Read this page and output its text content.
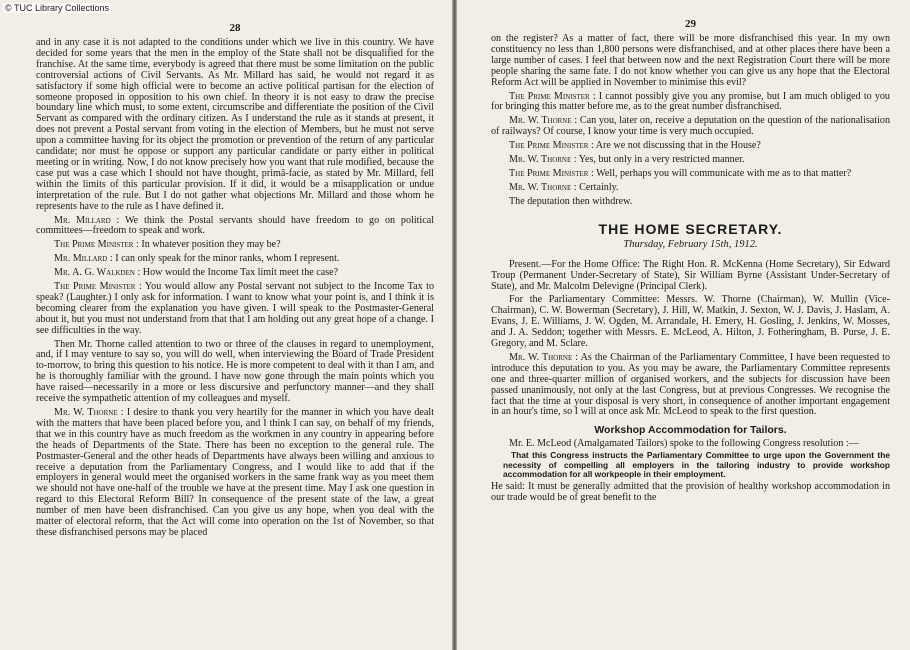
28

and in any case it is not adapted to the conditions under which we live in this country. We have decided for some years that the men in the employ of the State shall not be disqualified for the franchise. At the same time, everybody is agreed that there must be some limitation on the public controversial actions of Civil Servants. As Mr. Millard has said, he would not regard it as satisfactory if some high official were to become an active political partisan for the election of someone proposed in opposition to his own chief. In theory it is not easy to draw the precise boundary line which must, to some extent, circumscribe and differentiate the position of the Civil Servant as compared with the ordinary citizen. As I understand the rule as it stands at present, it does not prevent a Postal servant from voting in the election of Members, but he must not serve upon a committee having for its object the promotion or prevention of the return of any particular candidate; nor must he oppose or support any particular candidate or party either in political meeting or in writing. Now, I do not know precisely how you want that rule modified, because the case put was a case which I should not have thought, primâ-facie, as stated by Mr. Millard, fell within the limits of this particular provision. If it did, it would be a misapplication or undue interpretation of the rule. But I do not gather what objections Mr. Millard and those whom he represents have to the rule as I have defined it.

Mr. Millard : We think the Postal servants should have freedom to go on political committees—freedom to speak and work.

The Prime Minister : In whatever position they may be?

Mr. Millard : I can only speak for the minor ranks, whom I represent.

Mr. A. G. Walkden : How would the Income Tax limit meet the case?

The Prime Minister : You would allow any Postal servant not subject to the Income Tax to speak? (Laughter.) I only ask for information. I want to know what your point is, and I think it is becoming clearer from the explanation you have given. I will speak to the Postmaster-General about it, but you must not understand from that that I am holding out any great hope of a change. I see difficulties in the way.

Then Mr. Thorne called attention to two or three of the clauses in regard to unemployment, and, if I may venture to say so, you will do well, when interviewing the Board of Trade President to-morrow, to bring this question to his notice. He is more competent to deal with it than I am, and he is thoroughly familiar with the ground. I have now gone through the main points which you have raised—necessarily in a more or less discursive and perfunctory manner—and they shall receive the sympathetic attention of my colleagues and myself.

Mr. W. Thorne : I desire to thank you very heartily for the manner in which you have dealt with the matters that have been placed before you, and I think I can say, on behalf of my friends, that we in this country have as much freedom as the workmen in any country in appearing before the heads of Departments of the State. There has been no exception to the general rule. The Postmaster-General and the other heads of Departments have always been willing and anxious to receive a deputation from the Parliamentary Congress, and I would like to add that if the employers in general would meet the organised workers in the same frank way as you meet them we should not have one-half of the trouble we have at the present time. May I ask one question in regard to this Electoral Reform Bill? In consequence of the present state of the law, a great number of men have been disfranchised. Can you give us any hope, when you deal with the matter of electoral reform, that the Act will come into operation on the 1st of November, so that these disfranchised persons may be placed

29

on the register? As a matter of fact, there will be more disfranchised this year. In my own constituency no less than 1,800 persons were disfranchised, and at other places there have been a large number of cases. I feel that between now and the next Registration Court there will be more people sharing the same fate. I do not know whether you can give us any hope that the Electoral Reform Act will be applied in November to minimise this evil?

The Prime Minister : I cannot possibly give you any promise, but I am much obliged to you for bringing this matter before me, as to the great number disfranchised.

Mr. W. Thorne : Can you, later on, receive a deputation on the question of the nationalisation of railways? Of course, I know your time is very much occupied.

The Prime Minister : Are we not discussing that in the House?

Mr. W. Thorne : Yes, but only in a very restricted manner.

The Prime Minister : Well, perhaps you will communicate with me as to that matter?

Mr. W. Thorne : Certainly.

The deputation then withdrew.

THE HOME SECRETARY.
Thursday, February 15th, 1912.

Present.—For the Home Office: The Right Hon. R. McKenna (Home Secretary), Sir Edward Troup (Permanent Under-Secretary of State), Sir William Byrne (Assistant Under-Secretary of State), and Mr. Malcolm Delevigne (Principal Clerk).

For the Parliamentary Committee: Messrs. W. Thorne (Chairman), W. Mullin (Vice-Chairman), C. W. Bowerman (Secretary), J. Hill, W. Matkin, J. Sexton, W. J. Davis, J. Haslam, A. Evans, J. E. Williams, J. W. Ogden, M. Arrandale, H. Emery, H. Gosling, J. Jenkins, W. Mosses, and J. A. Seddon; together with Messrs. E. McLeod, A. Hilton, J. Fotheringham, B. Purse, J. E. Gregory, and M. Sclare.

Mr. W. Thorne : As the Chairman of the Parliamentary Committee, I have been requested to introduce this deputation to you. As you may be aware, the Parliamentary Committee represents one and three-quarter million of organised workers, and the subjects for discussion have been passed unanimously, not only at the last Congress, but at previous Congresses. We recognise the fact that the time at your disposal is very short, in consequence of another important engagement in an hour's time, so I will at once ask Mr. McLeod to speak to the first question.

Workshop Accommodation for Tailors.

Mr. E. McLeod (Amalgamated Tailors) spoke to the following Congress resolution :—

That this Congress instructs the Parliamentary Committee to urge upon the Government the necessity of compelling all employers in the tailoring industry to provide workshop accommodation for all workpeople in their employment.

He said: It must be generally admitted that the provision of healthy workshop accommodation in our trade would be of great benefit to the

© TUC Library Collections
